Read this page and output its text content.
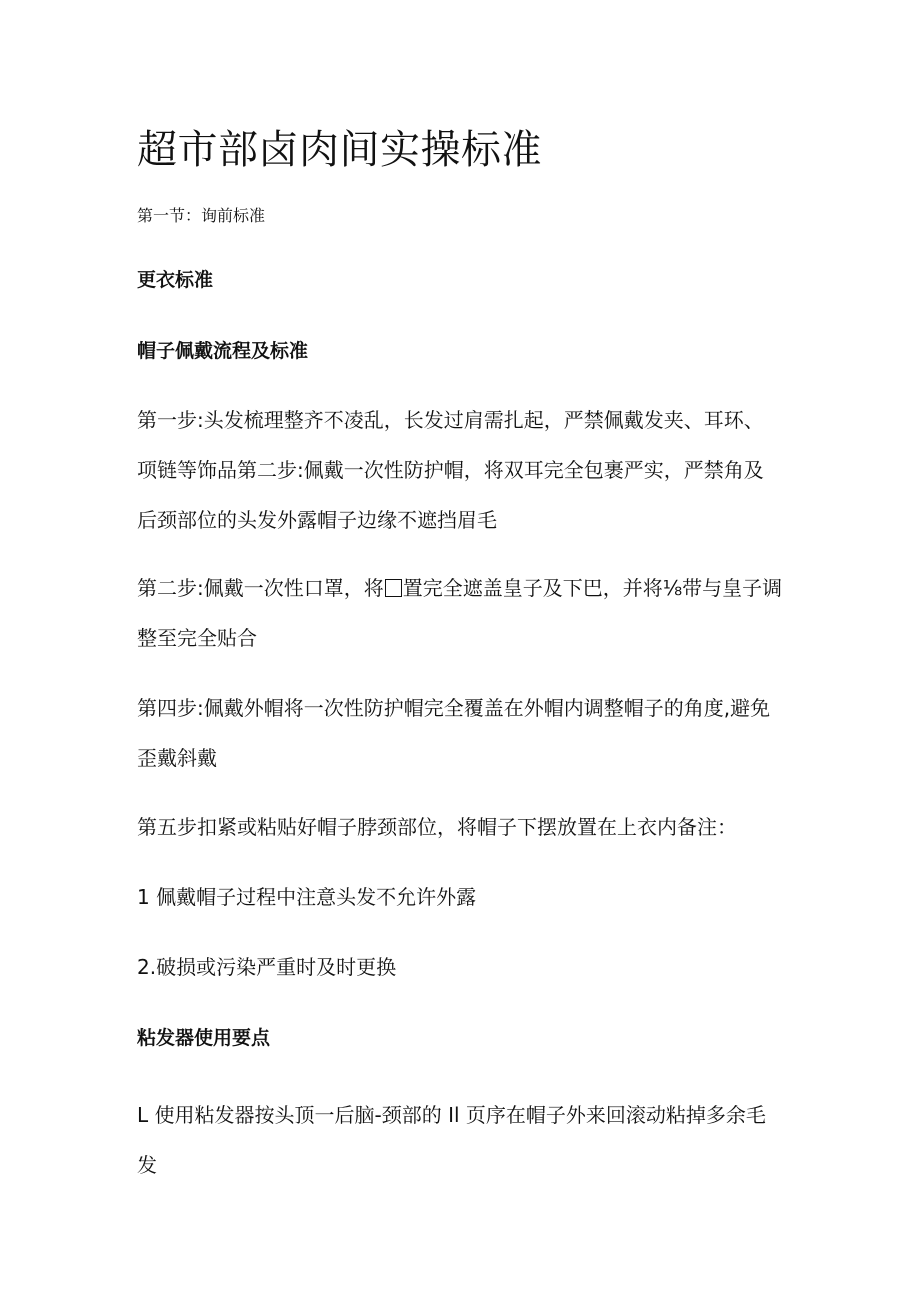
超市部卤肉间实操标准
第一节：询前标准
更衣标准
帽子佩戴流程及标准
第一步:头发梳理整齐不凌乱，长发过肩需扎起，严禁佩戴发夹、耳环、
项链等饰品第二步:佩戴一次性防护帽，将双耳完全包裹严实，严禁角及
后颈部位的头发外露帽子边缘不遮挡眉毛
第二步:佩戴一次性口罩，将 置完全遮盖皇子及下巴，并将⅛带与皇子调
整至完全贴合
第四步:佩戴外帽将一次性防护帽完全覆盖在外帽内调整帽子的角度,避免
歪戴斜戴
第五步扣紧或粘贴好帽子脖颈部位，将帽子下摆放置在上衣内备注：
1 佩戴帽子过程中注意头发不允许外露
2.破损或污染严重时及时更换
粘发器使用要点
L 使用粘发器按头顶一后脑-颈部的 Il 页序在帽子外来回滚动粘掉多余毛
发
